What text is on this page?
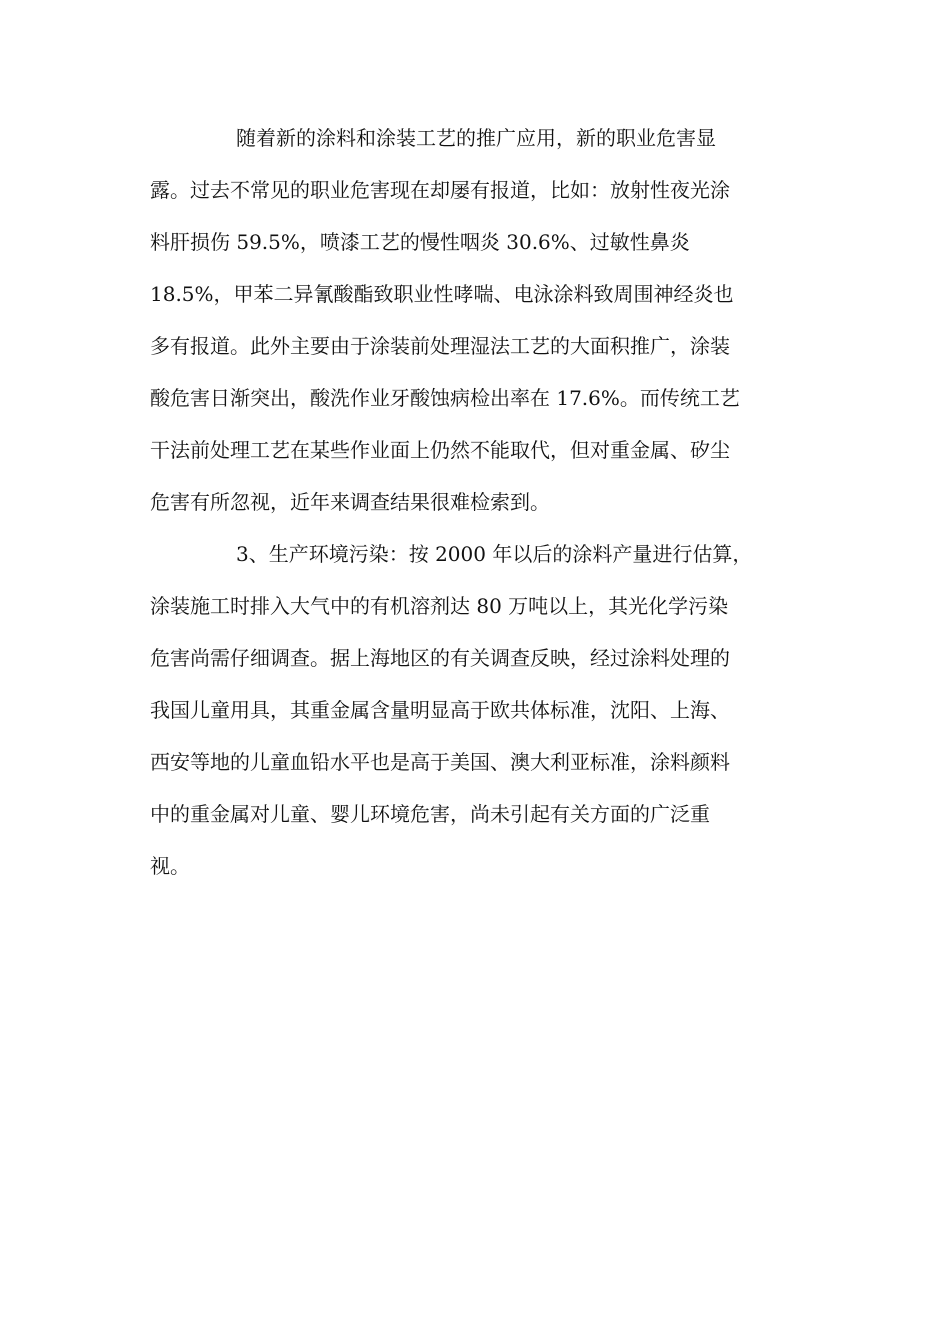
随着新的涂料和涂装工艺的推广应用，新的职业危害显
露。过去不常见的职业危害现在却屡有报道，比如：放射性夜光涂
料肝损伤 59.5%，喷漆工艺的慢性咽炎 30.6%、过敏性鼻炎
18.5%，甲苯二异氰酸酯致职业性哮喘、电泳涂料致周围神经炎也
多有报道。此外主要由于涂装前处理湿法工艺的大面积推广，涂装
酸危害日渐突出，酸洗作业牙酸蚀病检出率在 17.6%。而传统工艺
干法前处理工艺在某些作业面上仍然不能取代，但对重金属、矽尘
危害有所忽视，近年来调查结果很难检索到。
3、生产环境污染：按 2000 年以后的涂料产量进行估算，
涂装施工时排入大气中的有机溶剂达 80 万吨以上，其光化学污染
危害尚需仔细调查。据上海地区的有关调查反映，经过涂料处理的
我国儿童用具，其重金属含量明显高于欧共体标准，沈阳、上海、
西安等地的儿童血铅水平也是高于美国、澳大利亚标准，涂料颜料
中的重金属对儿童、婴儿环境危害，尚未引起有关方面的广泛重
视。
